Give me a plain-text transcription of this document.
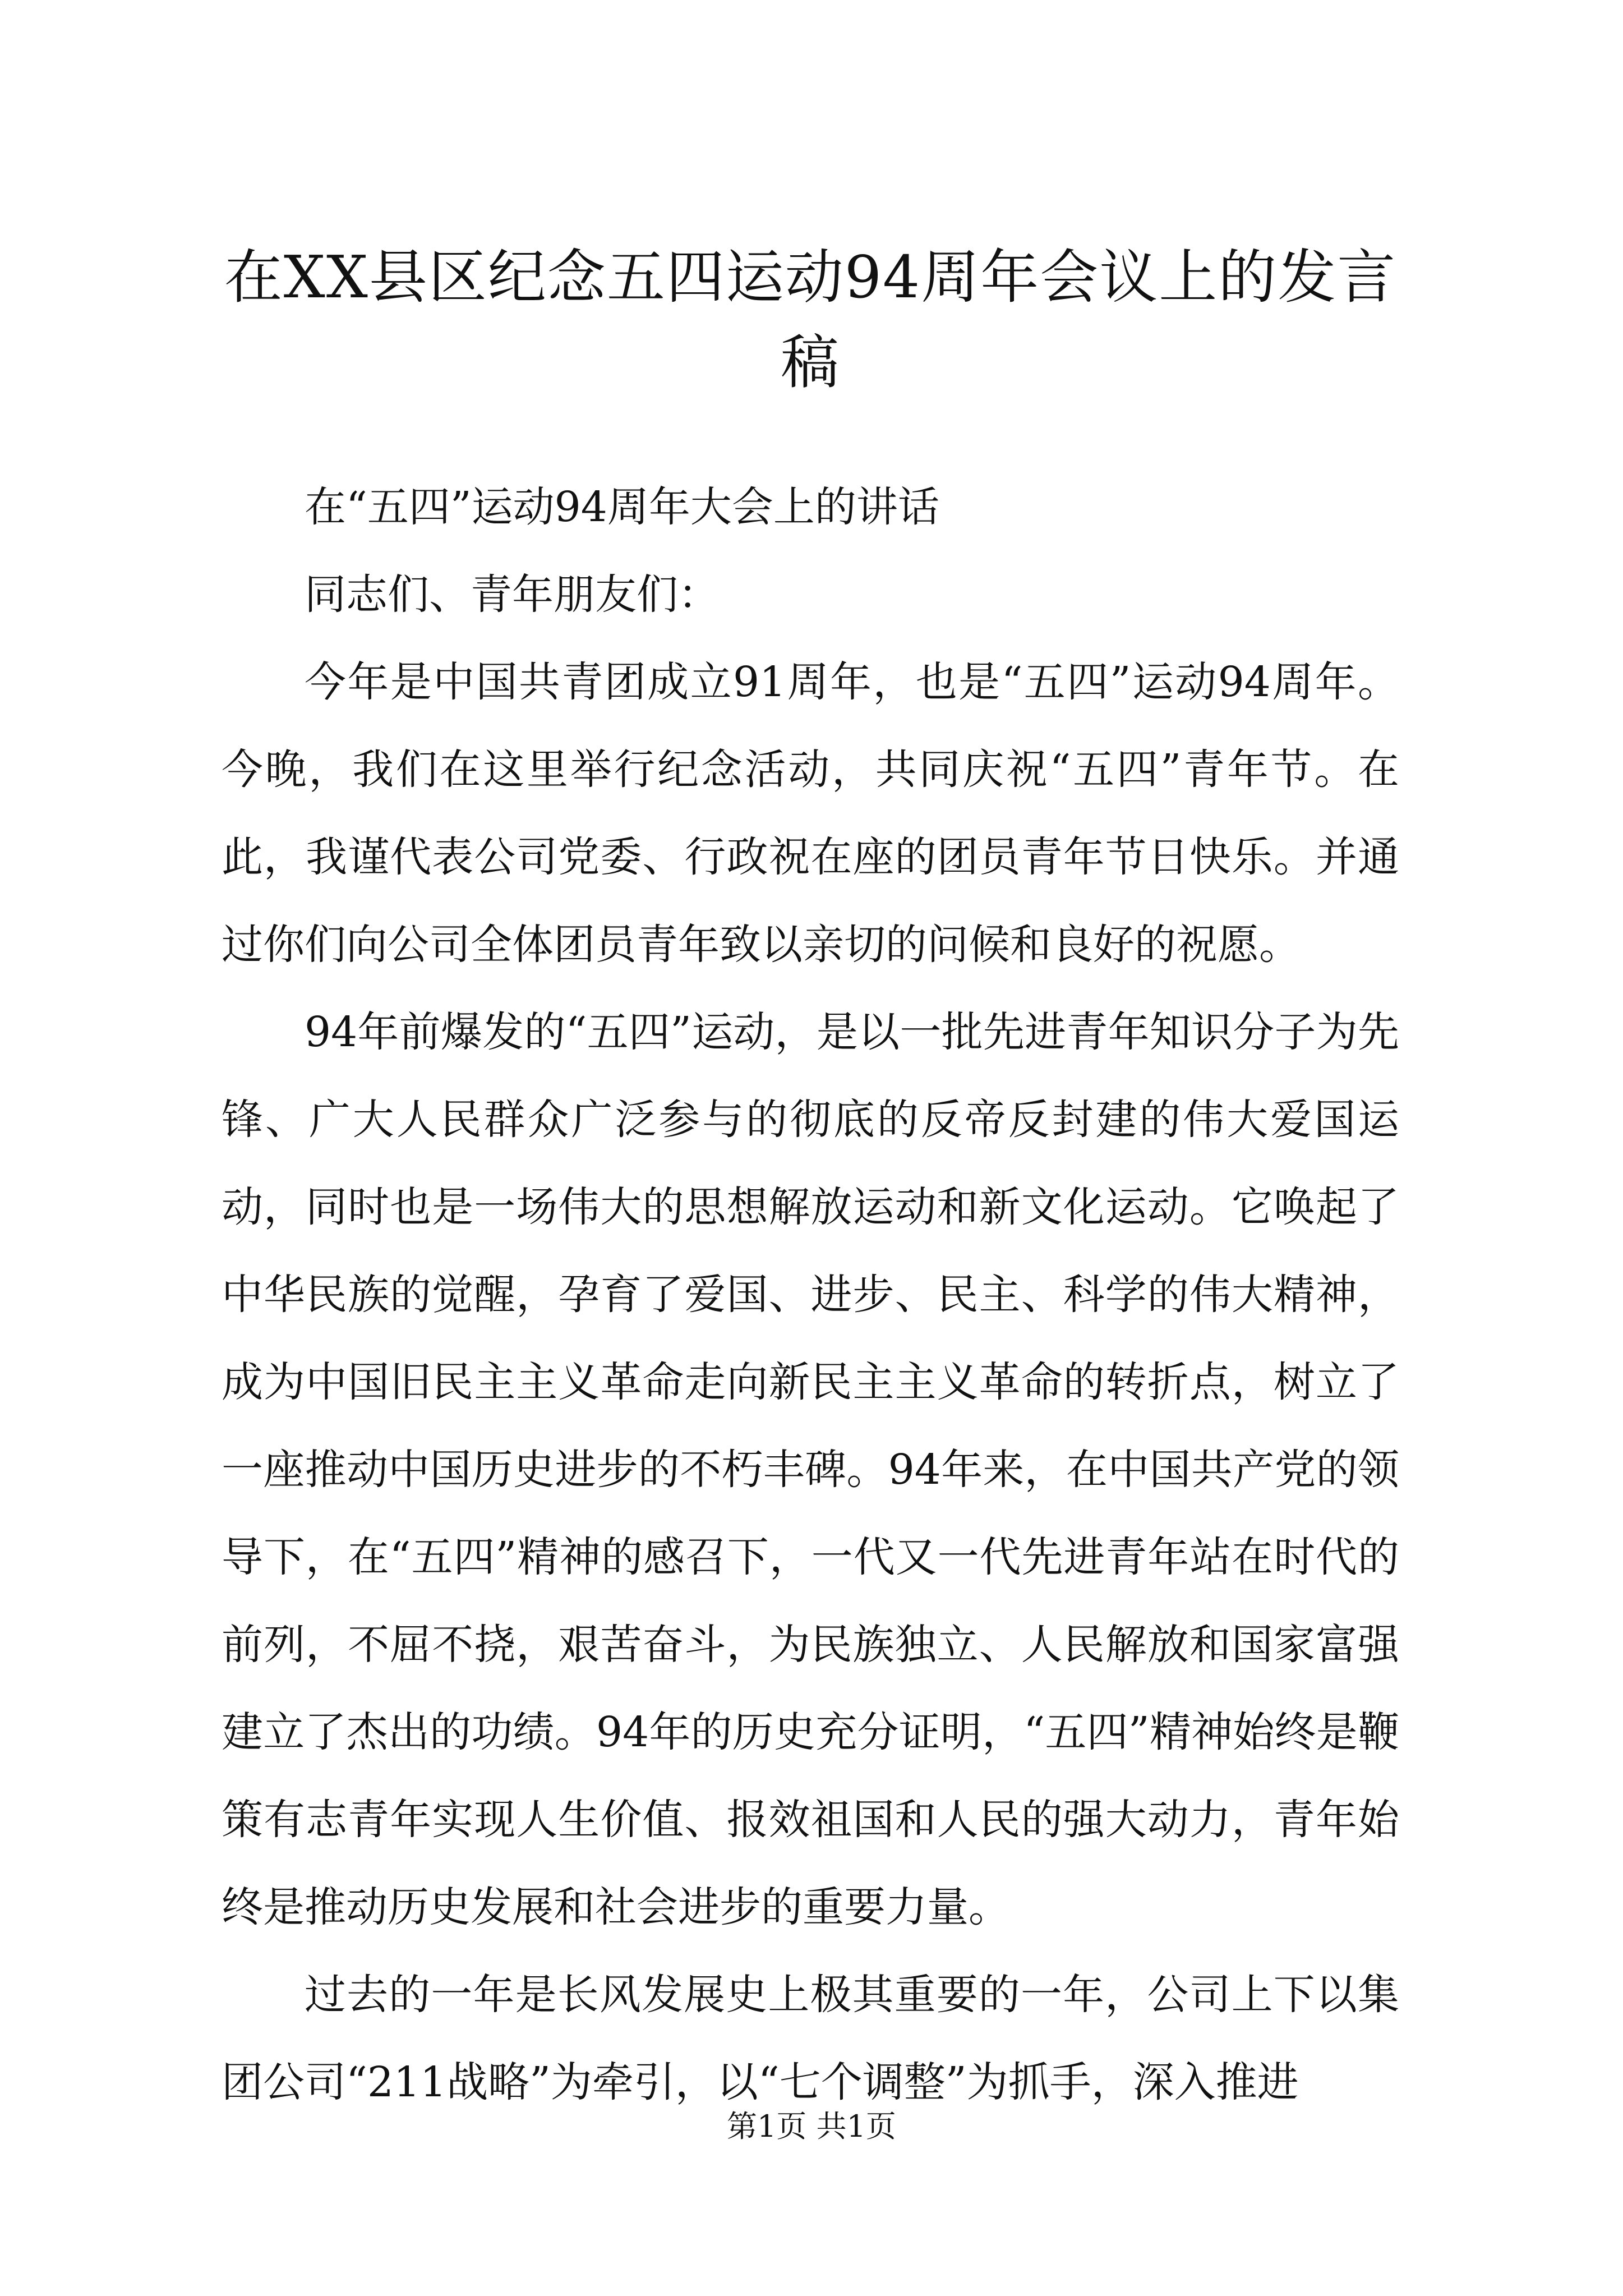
在XX县区纪念五四运动94周年会议上的发言稿

在“五四”运动94周年大会上的讲话

同志们、青年朋友们：

今年是中国共青团成立91周年，也是“五四”运动94周年。今晚，我们在这里举行纪念活动，共同庆祝“五四”青年节。在此，我谨代表公司党委、行政祝在座的团员青年节日快乐。并通过你们向公司全体团员青年致以亲切的问候和良好的祝愿。

94年前爆发的“五四”运动，是以一批先进青年知识分子为先锋、广大人民群众广泛参与的彻底的反帝反封建的伟大爱国运动，同时也是一场伟大的思想解放运动和新文化运动。它唤起了中华民族的觉醒，孕育了爱国、进步、民主、科学的伟大精神，成为中国旧民主主义革命走向新民主主义革命的转折点，树立了一座推动中国历史进步的不朽丰碑。94年来，在中国共产党的领导下，在“五四”精神的感召下，一代又一代先进青年站在时代的前列，不屈不挠，艰苦奋斗，为民族独立、人民解放和国家富强建立了杰出的功绩。94年的历史充分证明，“五四”精神始终是鞭策有志青年实现人生价值、报效祖国和人民的强大动力，青年始终是推动历史发展和社会进步的重要力量。

过去的一年是长风发展史上极其重要的一年，公司上下以集团公司“211战略”为牵引，以“七个调整”为抓手，深入推进

第1页 共1页
